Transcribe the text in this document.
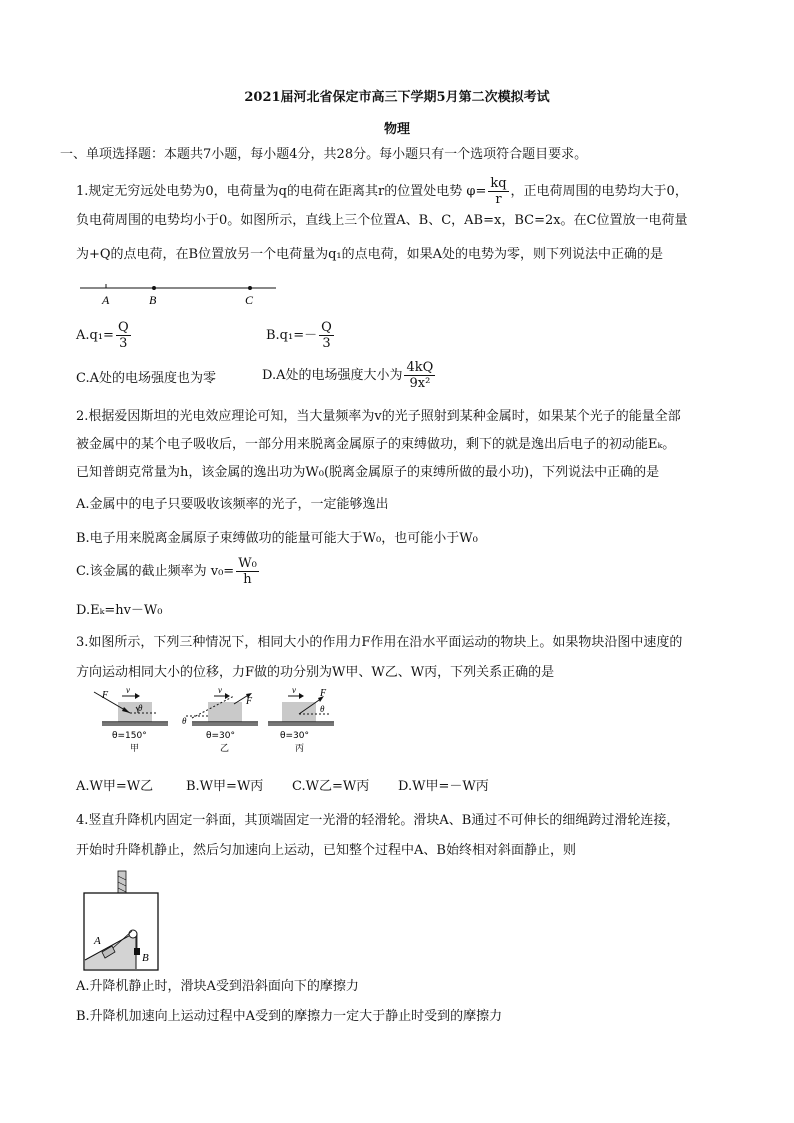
2021届河北省保定市高三下学期5月第二次模拟考试
物理
一、单项选择题：本题共7小题，每小题4分，共28分。每小题只有一个选项符合题目要求。
1.规定无穷远处电势为0，电荷量为q的电荷在距离其r的位置处电势 $\varphi= \frac{kq}{r}$ ，正电荷周围的电势均大于0，
负电荷周围的电势均小于0。如图所示，直线上三个位置A、B、C，AB=x，BC=2x。在C位置放一电荷量
为+Q的点电荷，在B位置放另一个电荷量为q₁的点电荷，如果A处的电势为零，则下列说法中正确的是
A	B	C
$A.q_1= \frac{Q}{3}$	$B.q_1=- \frac{Q}{3}$
C.A处的电场强度也为零	D.A处的电场强度大小为 $\frac{4kQ}{\text{9x²}}$
2.根据爱因斯坦的光电效应理论可知，当大量频率为v的光子照射到某种金属时，如果某个光子的能量全部
被金属中的某个电子吸收后，一部分用来脱离金属原子的束缚做功，剩下的就是逸出后电子的初动能Eₖ。
已知普朗克常量为h，该金属的逸出功为W₀(脱离金属原子的束缚所做的最小功)，下列说法中正确的是
A.金属中的电子只要吸收该频率的光子，一定能够逸出
B.电子用来脱离金属原子束缚做功的能量可能大于W₀，也可能小于W₀
C.该金属的截止频率为 $v_0= \frac{\text{W₀}}{h}$
D.Eₖ=hv－W₀
3.如图所示，下列三种情况下，相同大小的作用力F作用在沿水平面运动的物块上。如果物块沿图中速度的
方向运动相同大小的位移，力F做的功分别为W甲、W乙、W丙，下列关系正确的是
F v
θ
θ=150°
甲
F
v
θ
θ=30°
乙
F
v
θ
θ=30°
丙
A.W甲=W乙	B.W甲=W丙 C.W乙=W丙 D.W甲=－W丙
4.竖直升降机内固定一斜面，其顶端固定一光滑的轻滑轮。滑块A、B通过不可伸长的细绳跨过滑轮连接，
开始时升降机静止，然后匀加速向上运动，已知整个过程中A、B始终相对斜面静止，则
A
B
A.升降机静止时，滑块A受到沿斜面向下的摩擦力
B.升降机加速向上运动过程中A受到的摩擦力一定大于静止时受到的摩擦力
